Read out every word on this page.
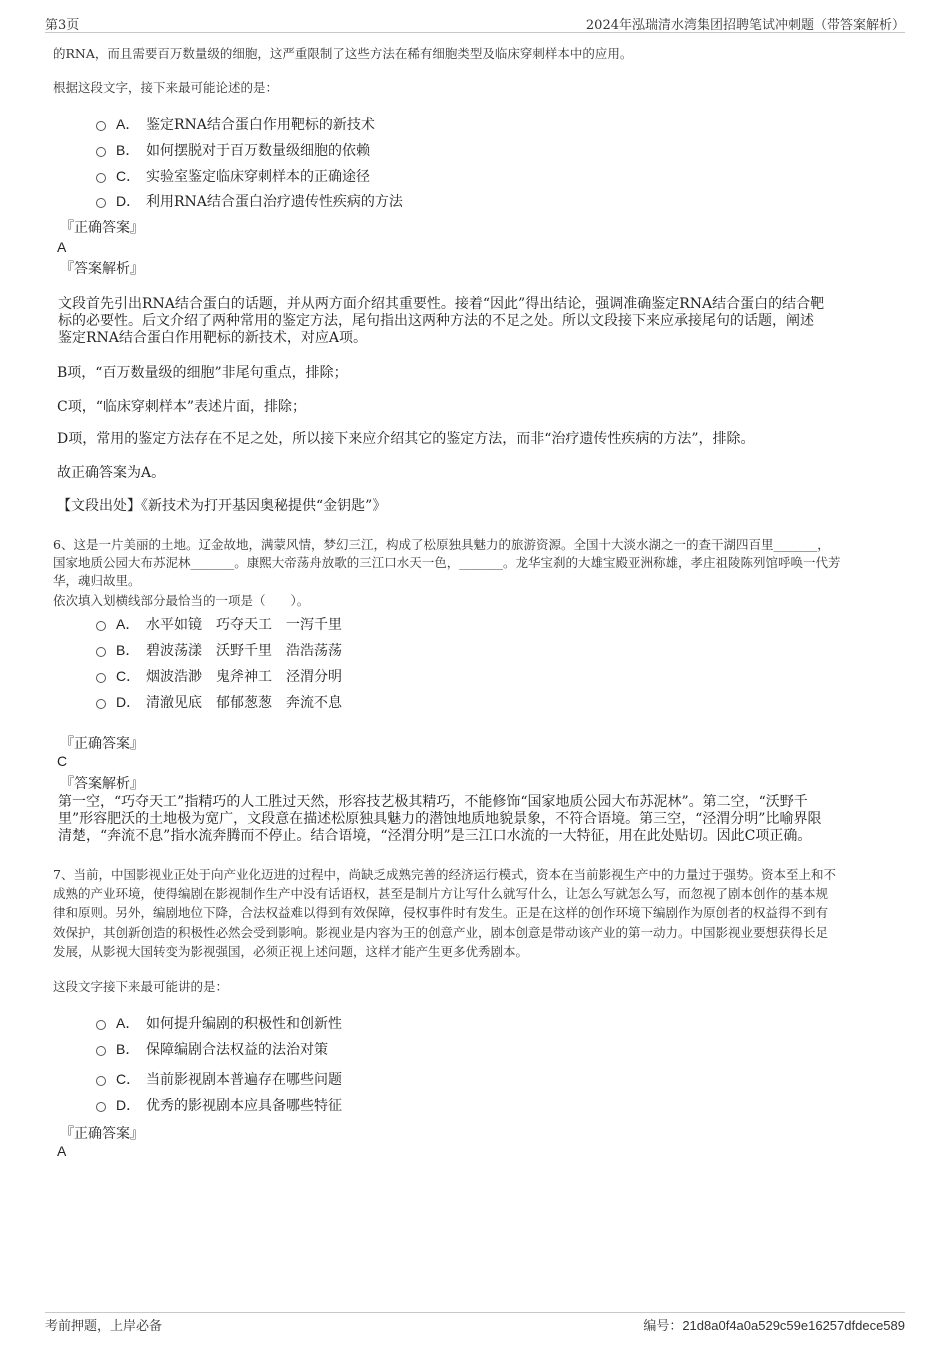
第3页	2024年泓瑞清水湾集团招聘笔试冲刺题（带答案解析）
的RNA，而且需要百万数量级的细胞，这严重限制了这些方法在稀有细胞类型及临床穿刺样本中的应用。
根据这段文字，接下来最可能论述的是：
A． 鉴定RNA结合蛋白作用靶标的新技术
B． 如何摆脱对于百万数量级细胞的依赖
C． 实验室鉴定临床穿刺样本的正确途径
D． 利用RNA结合蛋白治疗遗传性疾病的方法
『正确答案』
A
『答案解析』
文段首先引出RNA结合蛋白的话题，并从两方面介绍其重要性。接着“因此”得出结论，强调准确鉴定RNA结合蛋白的结合靶
标的必要性。后文介绍了两种常用的鉴定方法，尾句指出这两种方法的不足之处。所以文段接下来应承接尾句的话题，阐述
鉴定RNA结合蛋白作用靶标的新技术，对应A项。
B项，“百万数量级的细胞”非尾句重点，排除；
C项，“临床穿刺样本”表述片面，排除；
D项，常用的鉴定方法存在不足之处，所以接下来应介绍其它的鉴定方法，而非“治疗遗传性疾病的方法”，排除。
故正确答案为A。
【文段出处】《新技术为打开基因奥秘提供“金钥匙”》
6、这是一片美丽的土地。辽金故地，满蒙风情，梦幻三江，构成了松原独具魅力的旅游资源。全国十大淡水湖之一的查干湖四百里_______，
国家地质公园大布苏泥林_______。康熙大帝荡舟放歌的三江口水天一色，_______。龙华宝刹的大雄宝殿亚洲称雄，孝庄祖陵陈列馆呼唤一代芳
华，魂归故里。
依次填入划横线部分最恰当的一项是（　　）。
A． 水平如镜　巧夺天工　一泻千里
B． 碧波荡漾　沃野千里　浩浩荡荡
C． 烟波浩渺　鬼斧神工　泾渭分明
D． 清澈见底　郁郁葱葱　奔流不息
『正确答案』
C
『答案解析』
第一空，“巧夺天工”指精巧的人工胜过天然，形容技艺极其精巧，不能修饰“国家地质公园大布苏泥林”。第二空，“沃野千
里”形容肥沃的土地极为宽广，文段意在描述松原独具魅力的潜蚀地质地貌景象，不符合语境。第三空，“泾渭分明”比喻界限
清楚，“奔流不息”指水流奔腾而不停止。结合语境，“泾渭分明”是三江口水流的一大特征，用在此处贴切。因此C项正确。
7、当前，中国影视业正处于向产业化迈进的过程中，尚缺乏成熟完善的经济运行模式，资本在当前影视生产中的力量过于强势。资本至上和不
成熟的产业环境，使得编剧在影视制作生产中没有话语权，甚至是制片方让写什么就写什么，让怎么写就怎么写，而忽视了剧本创作的基本规
律和原则。另外，编剧地位下降，合法权益难以得到有效保障，侵权事件时有发生。正是在这样的创作环境下编剧作为原创者的权益得不到有
效保护，其创新创造的积极性必然会受到影响。影视业是内容为王的创意产业，剧本创意是带动该产业的第一动力。中国影视业要想获得长足
发展，从影视大国转变为影视强国，必须正视上述问题，这样才能产生更多优秀剧本。
这段文字接下来最可能讲的是：
A． 如何提升编剧的积极性和创新性
B． 保障编剧合法权益的法治对策
C． 当前影视剧本普遍存在哪些问题
D． 优秀的影视剧本应具备哪些特征
『正确答案』
A
考前押题，上岸必备	编号：21d8a0f4a0a529c59e16257dfdece589
